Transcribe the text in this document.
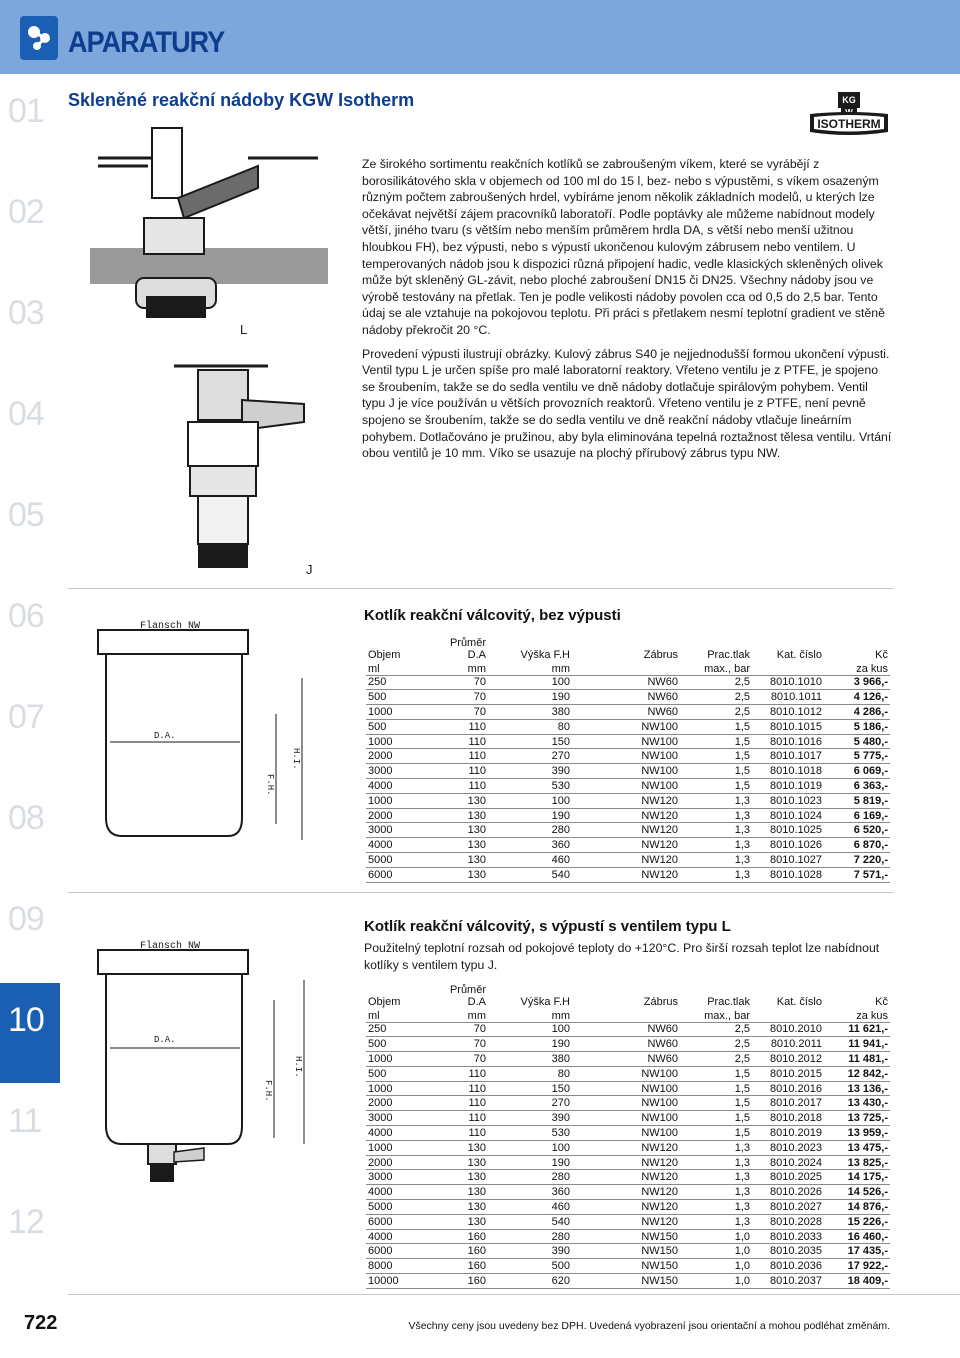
APARATURY
01
02
03
04
05
06
07
08
09
10
11
12
Skleněné reakční nádoby KGW Isotherm	KG
ISOTHERM

Ze širokého sortimentu reakčních kotlíků se zabroušeným víkem, které se vyrábějí z borosilikátového skla v objemech od 100 ml do 15 l, bez- nebo s výpustěmi, s víkem osazeným různým počtem zabroušených hrdel, vybíráme jenom několik základních modelů, u kterých lze očekávat největší zájem pracovníků laboratoří. Podle poptávky ale můžeme nabídnout modely větší, jiného tvaru (s větším nebo menším průměrem hrdla DA, s větší nebo menší užitnou hloubkou FH), bez výpusti, nebo s výpustí ukončenou kulovým zábrusem nebo ventilem. U temperovaných nádob jsou k dispozici různá připojení hadic, vedle klasických skleněných olivek může být skleněný GL-závit, nebo ploché zabroušení DN15 či DN25. Všechny nádoby jsou ve výrobě testovány na přetlak. Ten je podle velikosti nádoby povolen cca od 0,5 do 2,5 bar. Tento údaj se ale vztahuje na pokojovou teplotu. Při práci s přetlakem nesmí teplotní gradient ve stěně nádoby překročit 20 °C.

Provedení výpusti ilustrují obrázky. Kulový zábrus S40 je nejjednodušší formou ukončení výpusti. Ventil typu L je určen spíše pro malé laboratorní reaktory. Vřeteno ventilu je z PTFE, je spojeno se šroubením, takže se do sedla ventilu ve dně nádoby dotlačuje spirálovým pohybem. Ventil typu J je více používán u větších provozních reaktorů. Vřeteno ventilu je z PTFE, není pevně spojeno se šroubením, takže se do sedla ventilu ve dně reakční nádoby vtlačuje lineárním pohybem. Dotlačováno je pružinou, aby byla eliminována tepelná roztažnost tělesa ventilu. Vrtání obou ventilů je 10 mm. Víko se usazuje na plochý přírubový zábrus typu NW.

L
J
Flansch NW
D.A.
F.H.
H.I.
Kotlík reakční válcovitý, bez výpusti
Objem	Průměr D.A	Výška F.H	Zábrus	Prac.tlak	Kat. číslo	Kč
ml	mm	mm		max., bar		za kus
250	70	100	NW60	2,5	8010.1010	3 966,-
500	70	190	NW60	2,5	8010.1011	4 126,-
1000	70	380	NW60	2,5	8010.1012	4 286,-
500	110	80	NW100	1,5	8010.1015	5 186,-
1000	110	150	NW100	1,5	8010.1016	5 480,-
2000	110	270	NW100	1,5	8010.1017	5 775,-
3000	110	390	NW100	1,5	8010.1018	6 069,-
4000	110	530	NW100	1,5	8010.1019	6 363,-
1000	130	100	NW120	1,3	8010.1023	5 819,-
2000	130	190	NW120	1,3	8010.1024	6 169,-
3000	130	280	NW120	1,3	8010.1025	6 520,-
4000	130	360	NW120	1,3	8010.1026	6 870,-
5000	130	460	NW120	1,3	8010.1027	7 220,-
6000	130	540	NW120	1,3	8010.1028	7 571,-
Flansch NW
D.A.
F.H.
H.I.
Kotlík reakční válcovitý, s výpustí s ventilem typu L
Použitelný teplotní rozsah od pokojové teploty do +120°C. Pro širší rozsah teplot lze nabídnout kotlíky s ventilem typu J.
Objem	Průměr D.A	Výška F.H	Zábrus	Prac.tlak	Kat. číslo	Kč
ml	mm	mm		max., bar		za kus
250	70	100	NW60	2,5	8010.2010	11 621,-
500	70	190	NW60	2,5	8010.2011	11 941,-
1000	70	380	NW60	2,5	8010.2012	11 481,-
500	110	80	NW100	1,5	8010.2015	12 842,-
1000	110	150	NW100	1,5	8010.2016	13 136,-
2000	110	270	NW100	1,5	8010.2017	13 430,-
3000	110	390	NW100	1,5	8010.2018	13 725,-
4000	110	530	NW100	1,5	8010.2019	13 959,-
1000	130	100	NW120	1,3	8010.2023	13 475,-
2000	130	190	NW120	1,3	8010.2024	13 825,-
3000	130	280	NW120	1,3	8010.2025	14 175,-
4000	130	360	NW120	1,3	8010.2026	14 526,-
5000	130	460	NW120	1,3	8010.2027	14 876,-
6000	130	540	NW120	1,3	8010.2028	15 226,-
4000	160	280	NW150	1,0	8010.2033	16 460,-
6000	160	390	NW150	1,0	8010.2035	17 435,-
8000	160	500	NW150	1,0	8010.2036	17 922,-
10000	160	620	NW150	1,0	8010.2037	18 409,-
722	Všechny ceny jsou uvedeny bez DPH. Uvedená vyobrazení jsou orientační a mohou podléhat změnám.
